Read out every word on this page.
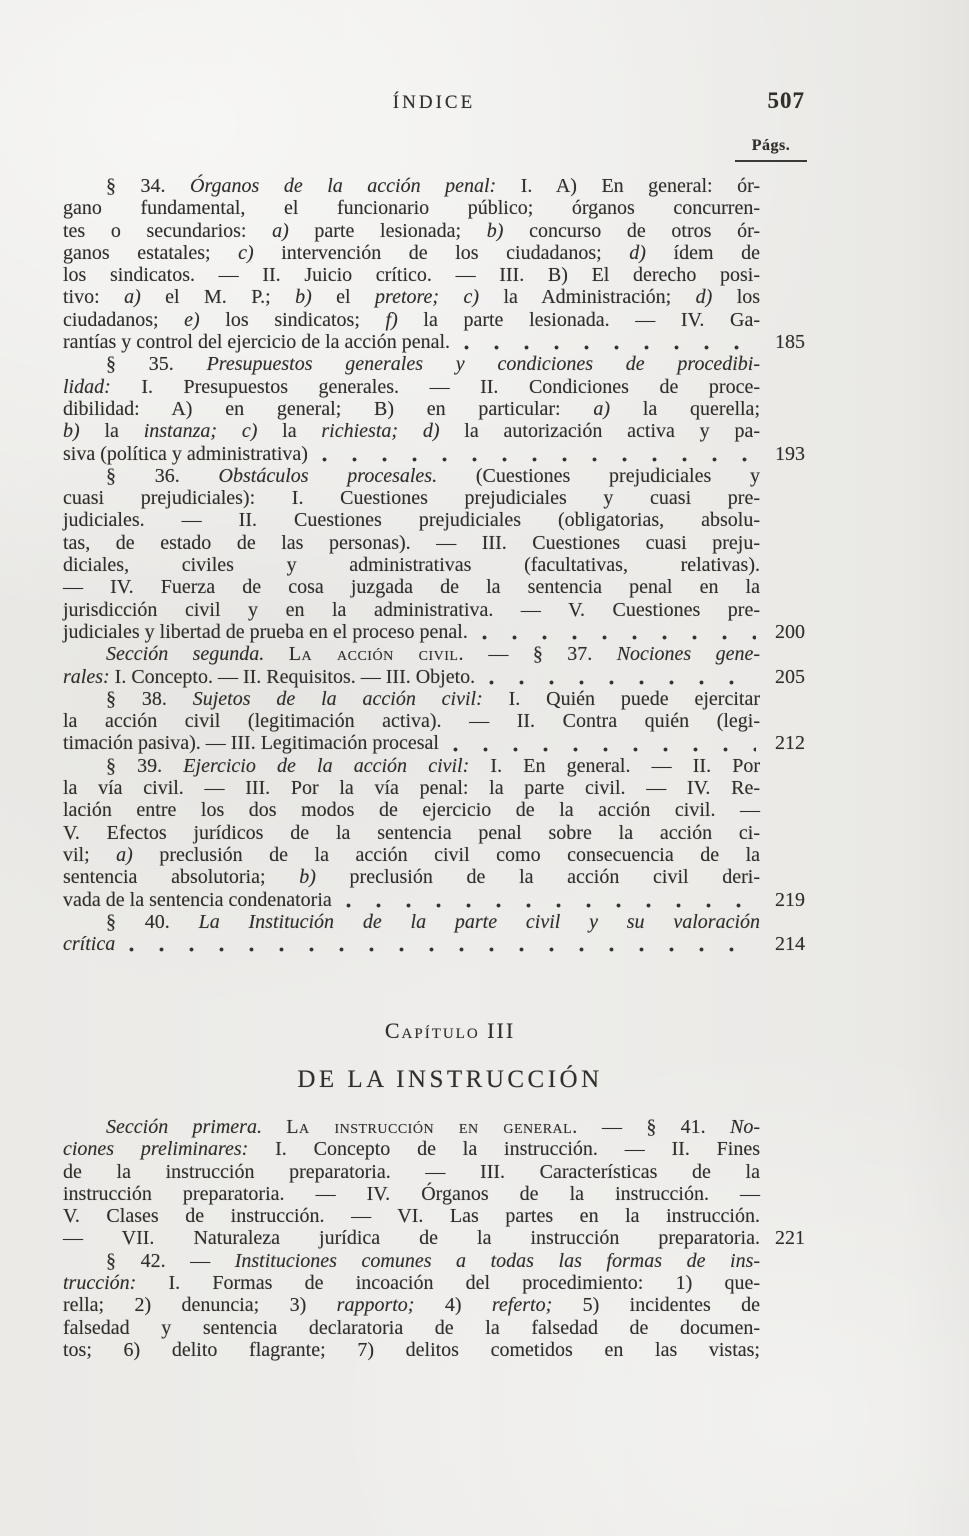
ÍNDICE	507
Págs.
§ 34. Órganos de la acción penal: I. A) En general: ór-
gano fundamental, el funcionario público; órganos concurren-
tes o secundarios: a) parte lesionada; b) concurso de otros ór-
ganos estatales; c) intervención de los ciudadanos; d) ídem de
los sindicatos. — II. Juicio crítico. — III. B) El derecho posi-
tivo: a) el M. P.; b) el pretore; c) la Administración; d) los
ciudadanos; e) los sindicatos; f) la parte lesionada. — IV. Ga-
rantías y control del ejercicio de la acción penal.	185
§ 35. Presupuestos generales y condiciones de procedibi-
lidad: I. Presupuestos generales. — II. Condiciones de proce-
dibilidad: A) en general; B) en particular: a) la querella;
b) la instanza; c) la richiesta; d) la autorización activa y pa-
siva (política y administrativa)	193
§ 36. Obstáculos procesales. (Cuestiones prejudiciales y
cuasi prejudiciales): I. Cuestiones prejudiciales y cuasi pre-
judiciales. — II. Cuestiones prejudiciales (obligatorias, absolu-
tas, de estado de las personas). — III. Cuestiones cuasi preju-
diciales, civiles y administrativas (facultativas, relativas).
— IV. Fuerza de cosa juzgada de la sentencia penal en la
jurisdicción civil y en la administrativa. — V. Cuestiones pre-
judiciales y libertad de prueba en el proceso penal.	200
Sección segunda. La acción civil. — § 37. Nociones gene-
rales: I. Concepto. — II. Requisitos. — III. Objeto.	205
§ 38. Sujetos de la acción civil: I. Quién puede ejercitar
la acción civil (legitimación activa). — II. Contra quién (legi-
timación pasiva). — III. Legitimación procesal	212
§ 39. Ejercicio de la acción civil: I. En general. — II. Por
la vía civil. — III. Por la vía penal: la parte civil. — IV. Re-
lación entre los dos modos de ejercicio de la acción civil. —
V. Efectos jurídicos de la sentencia penal sobre la acción ci-
vil; a) preclusión de la acción civil como consecuencia de la
sentencia absolutoria; b) preclusión de la acción civil deri-
vada de la sentencia condenatoria	219
§ 40. La Institución de la parte civil y su valoración
crítica	214
Capítulo III
DE LA INSTRUCCIÓN
Sección primera. La instrucción en general. — § 41. No-
ciones preliminares: I. Concepto de la instrucción. — II. Fines
de la instrucción preparatoria. — III. Características de la
instrucción preparatoria. — IV. Órganos de la instrucción. —
V. Clases de instrucción. — VI. Las partes en la instrucción.
— VII. Naturaleza jurídica de la instrucción preparatoria. 221
§ 42. — Instituciones comunes a todas las formas de ins-
trucción: I. Formas de incoación del procedimiento: 1) que-
rella; 2) denuncia; 3) rapporto; 4) referto; 5) incidentes de
falsedad y sentencia declaratoria de la falsedad de documen-
tos; 6) delito flagrante; 7) delitos cometidos en las vistas;
